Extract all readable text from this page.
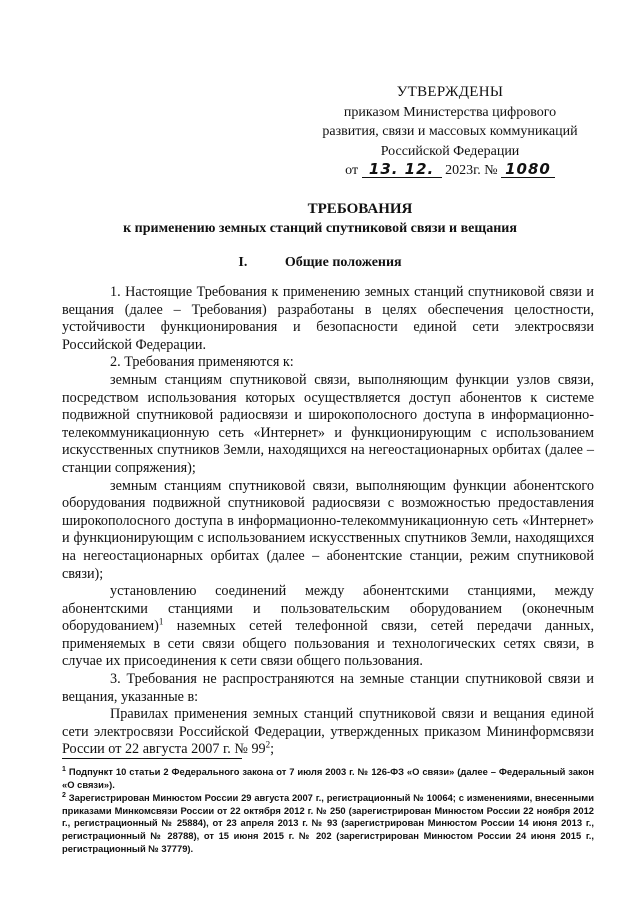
УТВЕРЖДЕНЫ
приказом Министерства цифрового
развития, связи и массовых коммуникаций
Российской Федерации
от 13. 12. 2023г. № 1080
ТРЕБОВАНИЯ
к применению земных станций спутниковой связи и вещания
I.	Общие положения

1. Настоящие Требования к применению земных станций спутниковой связи и вещания (далее – Требования) разработаны в целях обеспечения целостности, устойчивости функционирования и безопасности единой сети электросвязи Российской Федерации.

2. Требования применяются к:

земным станциям спутниковой связи, выполняющим функции узлов связи, посредством использования которых осуществляется доступ абонентов к системе подвижной спутниковой радиосвязи и широкополосного доступа в информационно-телекоммуникационную сеть «Интернет» и функционирующим с использованием искусственных спутников Земли, находящихся на негеостационарных орбитах (далее – станции сопряжения);

земным станциям спутниковой связи, выполняющим функции абонентского оборудования подвижной спутниковой радиосвязи с возможностью предоставления широкополосного доступа в информационно-телекоммуникационную сеть «Интернет» и функционирующим с использованием искусственных спутников Земли, находящихся на негеостационарных орбитах (далее – абонентские станции, режим спутниковой связи);

установлению соединений между абонентскими станциями, между абонентскими станциями и пользовательским оборудованием (оконечным оборудованием)$^1$ наземных сетей телефонной связи, сетей передачи данных, применяемых в сети связи общего пользования и технологических сетях связи, в случае их присоединения к сети связи общего пользования.

3. Требования не распространяются на земные станции спутниковой связи и вещания, указанные в:

Правилах применения земных станций спутниковой связи и вещания единой сети электросвязи Российской Федерации, утвержденных приказом Мининформсвязи России от 22 августа 2007 г. № $99^2$;

$^1$ Подпункт 10 статьи 2 Федерального закона от 7 июля 2003 г. № 126-ФЗ «О связи» (далее – Федеральный закон «О связи»).

$^2$ Зарегистрирован Минюстом России 29 августа 2007 г., регистрационный № 10064; с изменениями, внесенными приказами Минкомсвязи России от 22 октября 2012 г. № 250 (зарегистрирован Минюстом России 22 ноября 2012 г., регистрационный № 25884), от 23 апреля 2013 г. № 93 (зарегистрирован Минюстом России 14 июня 2013 г., регистрационный № 28788), от 15 июня 2015 г. № 202 (зарегистрирован Минюстом России 24 июня 2015 г., регистрационный № 37779).
